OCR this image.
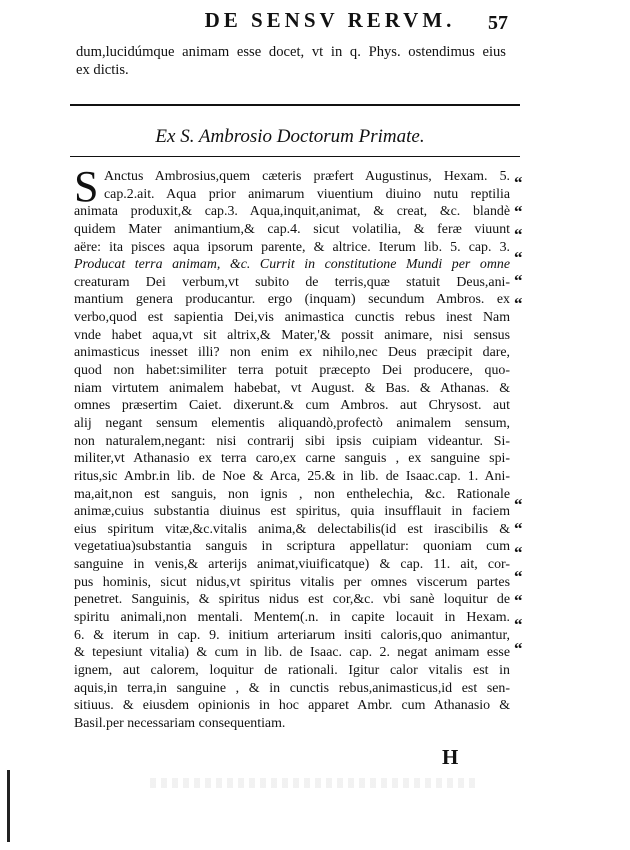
DE SENSV RERVM.	57
dum,lucidúmque animam esse docet, vt in q. Phys. ostendimus eius
ex dictis.
Ex S. Ambrosio Doctorum Primate.
S Anctus Ambrosius,quem cæteris præfert Augustinus, Hexam. 5.
cap.2.ait. Aqua prior animarum viuentium diuino nutu reptilia
animata produxit,& cap.3. Aqua,inquit,animat, & creat, &c. blandè
quidem Mater animantium,& cap.4. sicut volatilia, & feræ viuunt
aëre: ita pisces aqua ipsorum parente, & altrice. Iterum lib. 5. cap. 3.
Producat terra animam, &c. Currit in constitutione Mundi per omne
creaturam Dei verbum,vt subito de terris,quæ statuit Deus,ani-
mantium genera producantur. ergo (inquam) secundum Ambros. ex
verbo,quod est sapientia Dei,vis animastica cunctis rebus inest Nam
vnde habet aqua,vt sit altrix,& Mater,'& possit animare, nisi sensus
animasticus inesset illi? non enim ex nihilo,nec Deus præcipit dare,
quod non habet:similiter terra potuit præcepto Dei producere, quo-
niam virtutem animalem habebat, vt August. & Bas. & Athanas. &
omnes præsertim Caiet. dixerunt.& cum Ambros. aut Chrysost. aut
alij negant sensum elementis aliquandò,profectò animalem sensum,
non naturalem,negant: nisi contrarij sibi ipsis cuipiam videantur. Si-
militer,vt Athanasio ex terra caro,ex carne sanguis , ex sanguine spi-
ritus,sic Ambr.in lib. de Noe & Arca, 25.& in lib. de Isaac.cap. 1. Ani-
ma,ait,non est sanguis, non ignis , non enthelechia, &c. Rationale
animæ,cuius substantia diuinus est spiritus, quia insufflauit in faciem
eius spiritum vitæ,&c.vitalis anima,& delectabilis(id est irascibilis &
vegetatiua)substantia sanguis in scriptura appellatur: quoniam cum
sanguine in venis,& arterijs animat,viuificatque) & cap. 11. ait, cor-
pus hominis, sicut nidus,vt spiritus vitalis per omnes viscerum partes
penetret. Sanguinis, & spiritus nidus est cor,&c. vbi sanè loquitur de
spiritu animali,non mentali. Mentem(.n. in capite locauit in Hexam.
6. & iterum in cap. 9. initium arteriarum insiti caloris,quo animantur,
& tepesiunt vitalia) & cum in lib. de Isaac. cap. 2. negat animam esse
ignem, aut calorem, loquitur de rationali. Igitur calor vitalis est in
aquis,in terra,in sanguine , & in cunctis rebus,animasticus,id est sen-
sitiuus. & eiusdem opinionis in hoc apparet Ambr. cum Athanasio &
Basil.per necessariam consequentiam.
“
“
“
“
“
“
“
“
“
“
“
“
“
H
